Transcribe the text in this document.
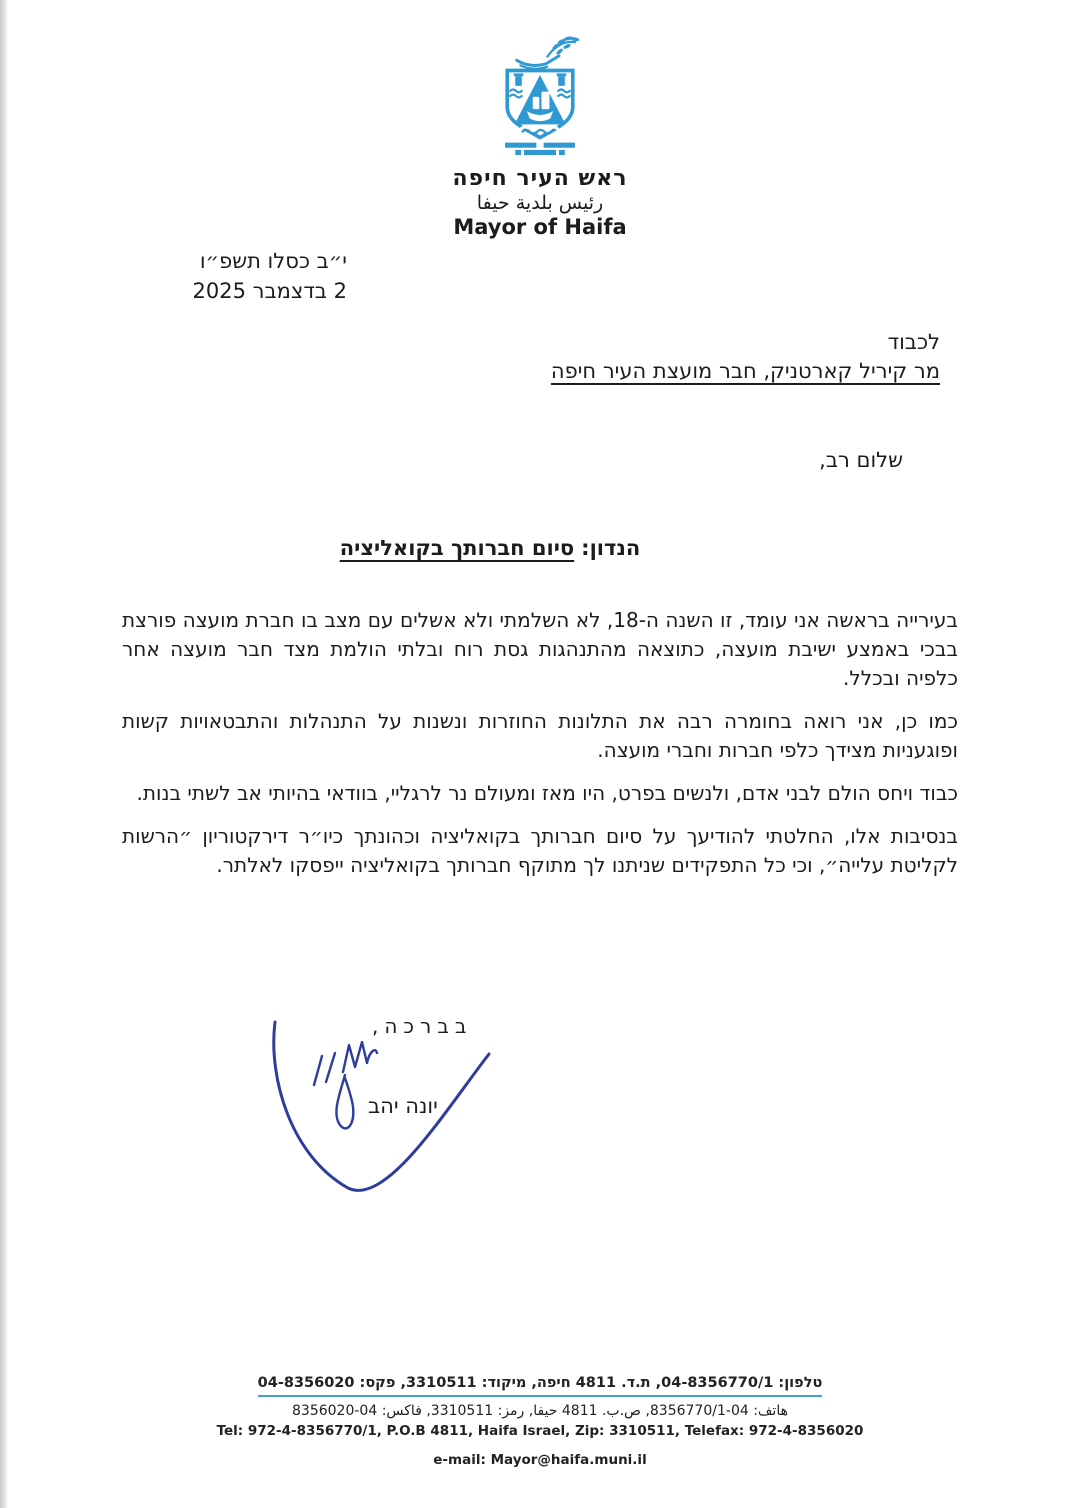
ראש העיר חיפה
رئيس بلدية حيفا
Mayor of Haifa
י״ב כסלו תשפ״ו
2 בדצמבר 2025
לכבוד
מר קיריל קארטניק, חבר מועצת העיר חיפה
שלום רב,
הנדון:סיום חברותך בקואליציה

בעירייה בראשה אני עומד, זו השנה ה-18, לא השלמתי ולא אשלים עם מצב בו חברת מועצה פורצת בבכי באמצע ישיבת מועצה, כתוצאה מהתנהגות גסת רוח ובלתי הולמת מצד חבר מועצה אחר כלפיה ובכלל.

כמו כן, אני רואה בחומרה רבה את התלונות החוזרות ונשנות על התנהלות והתבטאויות קשות ופוגעניות מצידך כלפי חברות וחברי מועצה.

כבוד ויחס הולם לבני אדם, ולנשים בפרט, היו מאז ומעולם נר לרגליי, בוודאי בהיותי אב לשתי בנות.

בנסיבות אלו, החלטתי להודיעך על סיום חברותך בקואליציה וכהונתך כיו״ר דירקטוריון ״הרשות לקליטת עלייה״, וכי כל התפקידים שניתנו לך מתוקף חברותך בקואליציה ייפסקו לאלתר.

בברכה,
יונה יהב
טלפון: 04-8356770/1, ת.ד. 4811 חיפה, מיקוד: 3310511, פקס: 04-8356020
هاتف: 04-8356770/1, ص.ب. 4811 حيفا, رمز: 3310511, فاكس: 04-8356020
Tel: 972-4-8356770/1, P.O.B 4811, Haifa Israel, Zip: 3310511, Telefax: 972-4-8356020
e-mail: Mayor@haifa.muni.il
